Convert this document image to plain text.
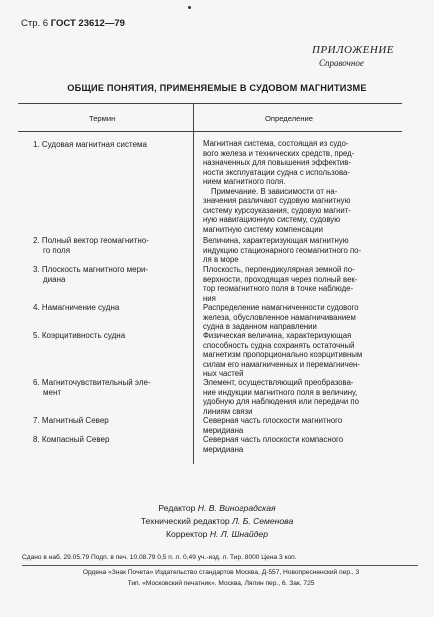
Стр. 6 ГОСТ 23612—79
ПРИЛОЖЕНИЕ
Справочное
ОБЩИЕ ПОНЯТИЯ, ПРИМЕНЯЕМЫЕ В СУДОВОМ МАГНИТИЗМЕ
Термин	Определение
1. Судовая магнитная система
2. Полный вектор геомагнитно-
го поля
3. Плоскость магнитного мери-
диана
4. Намагничение судна
5. Коэрцитивность судна
6. Магниточувствительный эле-
мент
7. Магнитный Север
8. Компасный Север

Магнитная система, состоящая из судо-

вого железа и технических средств, пред-

назначенных для повышения эффектив-

ности эксплуатации судна с использова-

нием магнитного поля.

Примечание. В зависимости от на-

значения различают судовую магнитную

систему курсоуказания, судовую магнит-

ную навигационную систему, судовую

магнитную систему компенсации

Величина, характеризующая магнитную

индукцию стационарного геомагнитного по-

ля в море

Плоскость, перпендикулярная земной по-

верхности, проходящая через полный век-

тор геомагнитного поля в точке наблюде-

ния

Распределение намагниченности судового

железа, обусловленное намагничиванием

судна в заданном направлении

Физическая величина, характеризующая

способность судна сохранять остаточный

магнетизм пропорционально коэрцитивным

силам его намагниченных и перемагничен-

ных частей

Элемент, осуществляющий преобразова-

ние индукции магнитного поля в величину,

удобную для наблюдения или передачи по

линиям связи

Северная часть плоскости магнитного

меридиана

Северная часть плоскости компасного

меридиана

Редактор Н. В. Виноградская
Технический редактор Л. Б. Семенова
Корректор Н. Л. Шнайдер
Сдано в наб. 29.05.79 Подп. в печ. 10.08.79 0,5 п. л. 0,49 уч.-изд. л. Тир. 8000 Цена 3 коп.
Ордена «Знак Почета» Издательство стандартов Москва, Д-557, Новопресненский пер., 3
Тип. «Московский печатник». Москва, Лялин пер., 6. Зак. 725
